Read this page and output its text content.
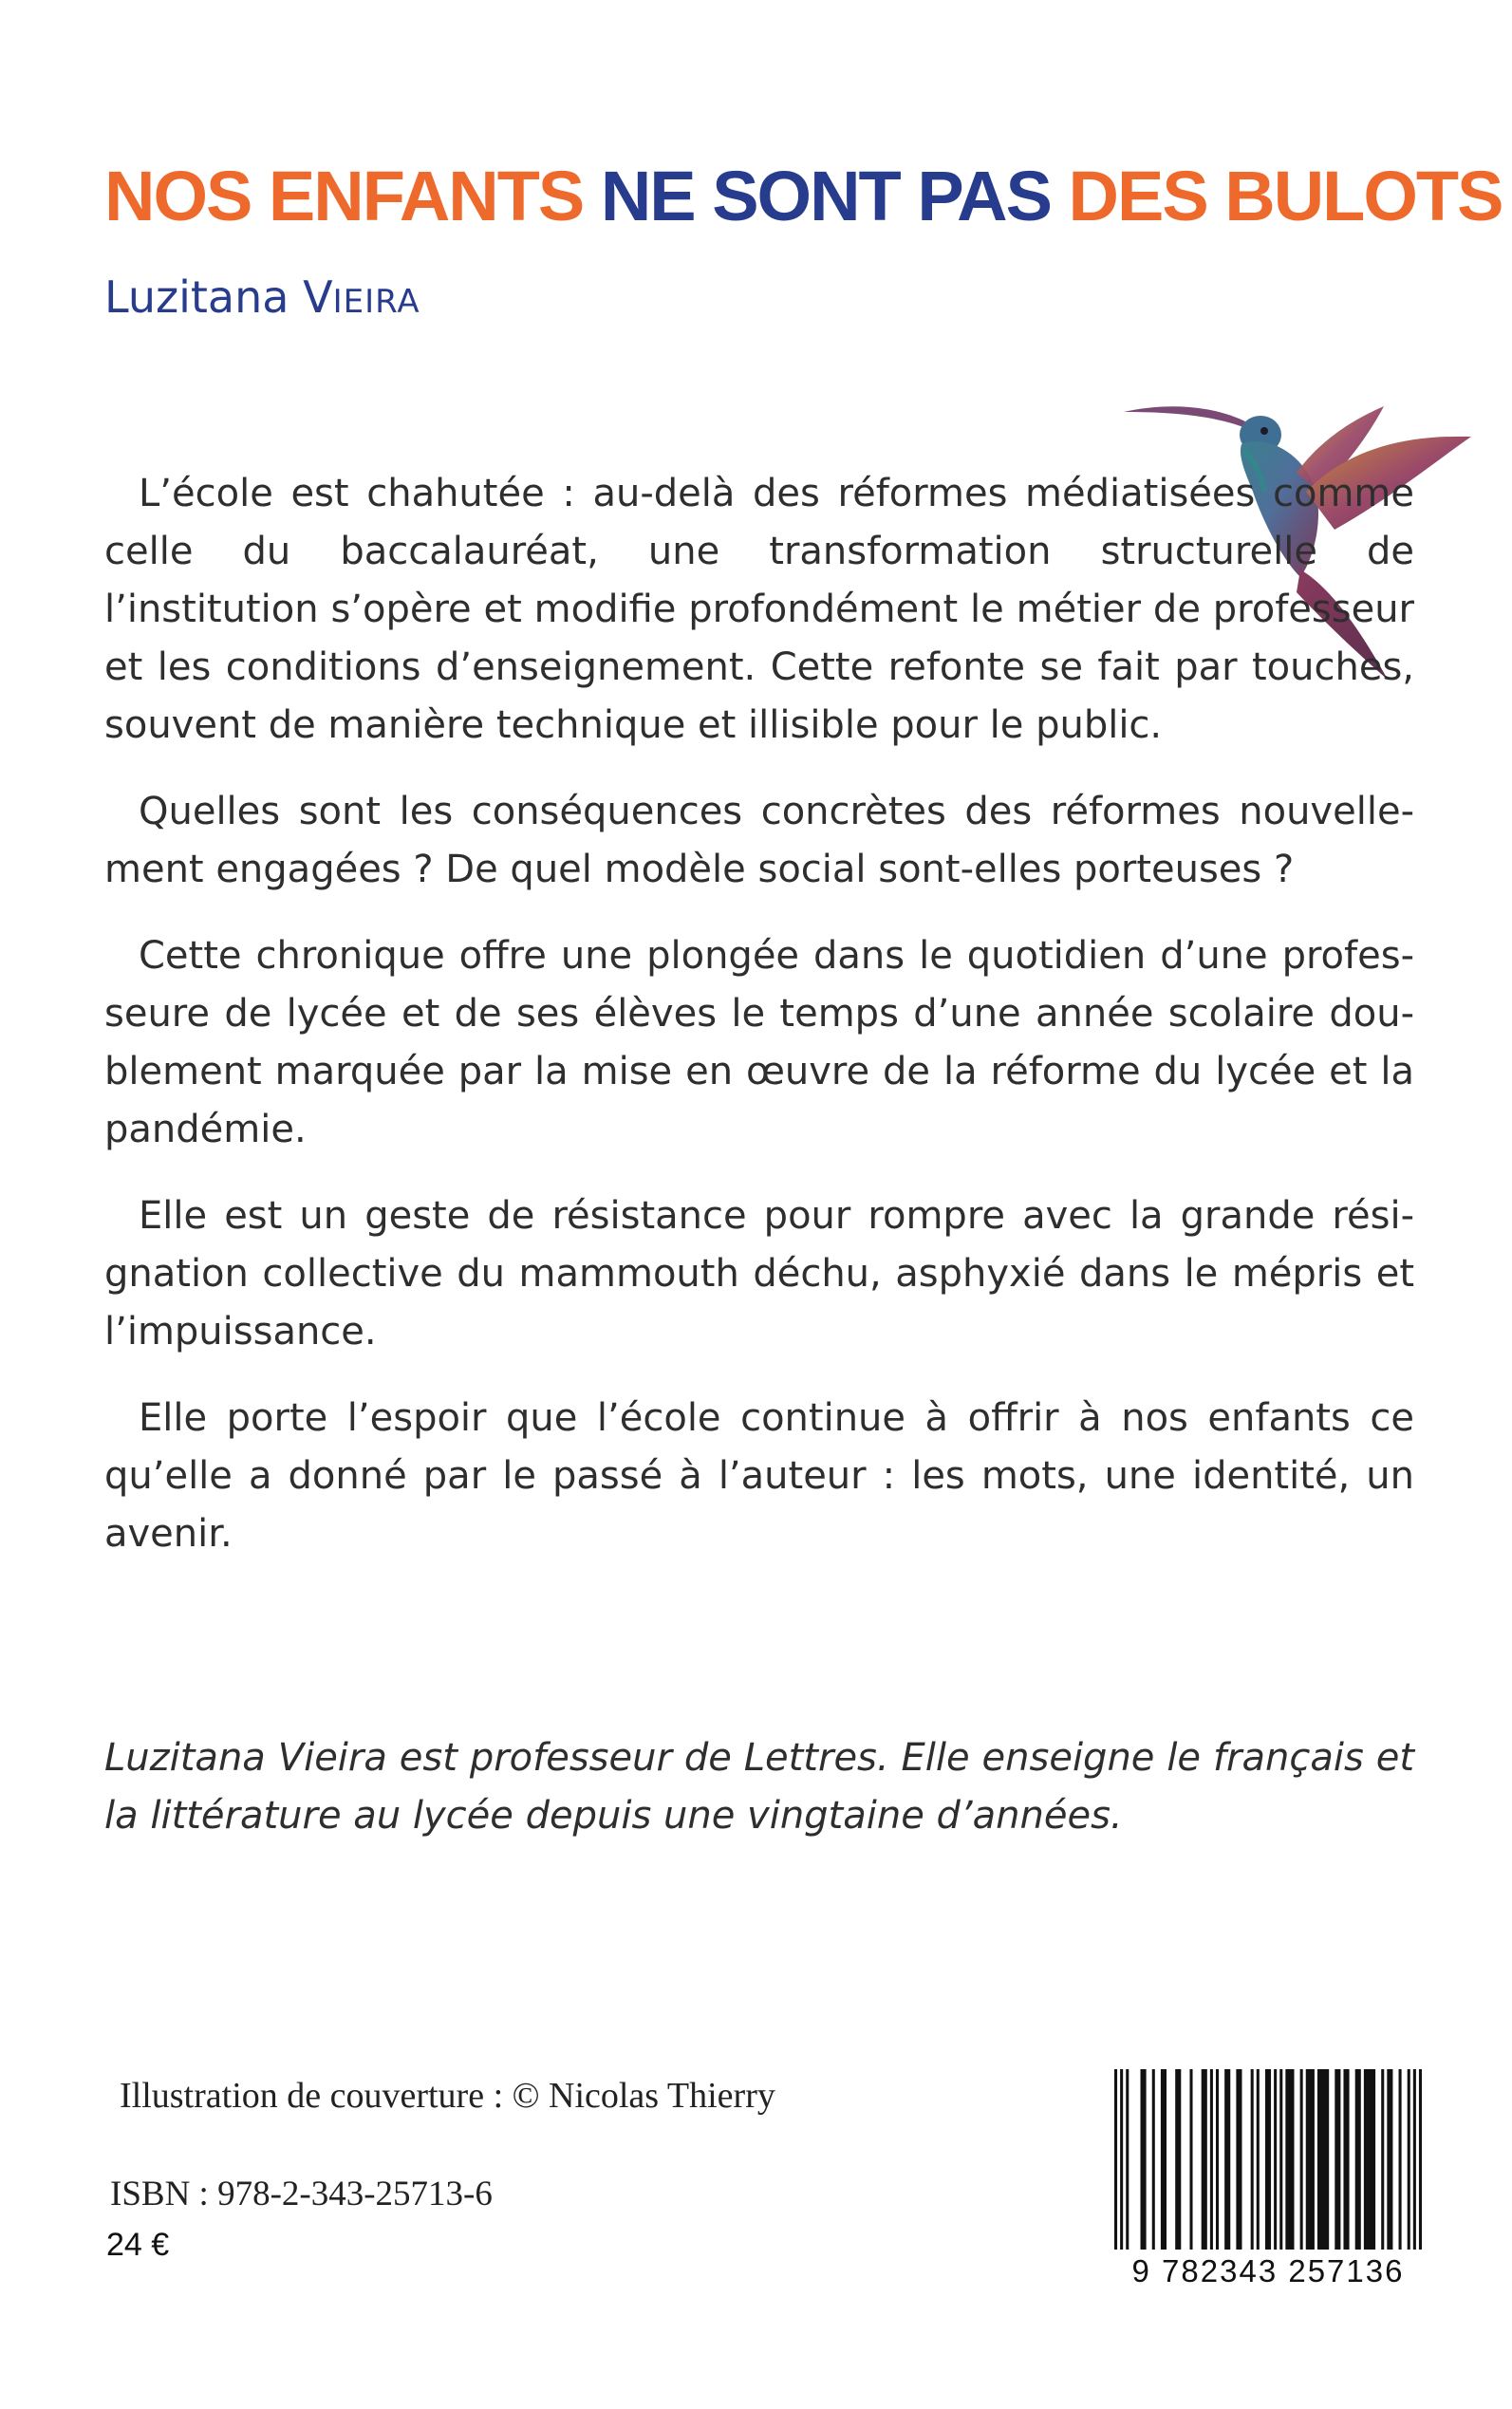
NOS ENFANTS NE SONT PAS DES BULOTS
Luzitana VIEIRA

L’école est chahutée : au-delà des réformes médiatisées comme celle du baccalauréat, une transformation structurelle de l’institution s’opère et modifie profondément le métier de professeur et les conditions d’enseignement. Cette refonte se fait par touches, souvent de manière technique et illisible pour le public.

Quelles sont les conséquences concrètes des réformes nouvellement engagées ? De quel modèle social sont-elles porteuses ?

Cette chronique offre une plongée dans le quotidien d’une professeure de lycée et de ses élèves le temps d’une année scolaire doublement marquée par la mise en œuvre de la réforme du lycée et la pandémie.

Elle est un geste de résistance pour rompre avec la grande résignation collective du mammouth déchu, asphyxié dans le mépris et l’impuissance.

Elle porte l’espoir que l’école continue à offrir à nos enfants ce qu’elle a donné par le passé à l’auteur : les mots, une identité, un avenir.

Luzitana Vieira est professeur de Lettres. Elle enseigne le français et la littérature au lycée depuis une vingtaine d’années.

Illustration de couverture : © Nicolas Thierry

ISBN : 978-2-343-25713-6

24 €

9 782343 257136
